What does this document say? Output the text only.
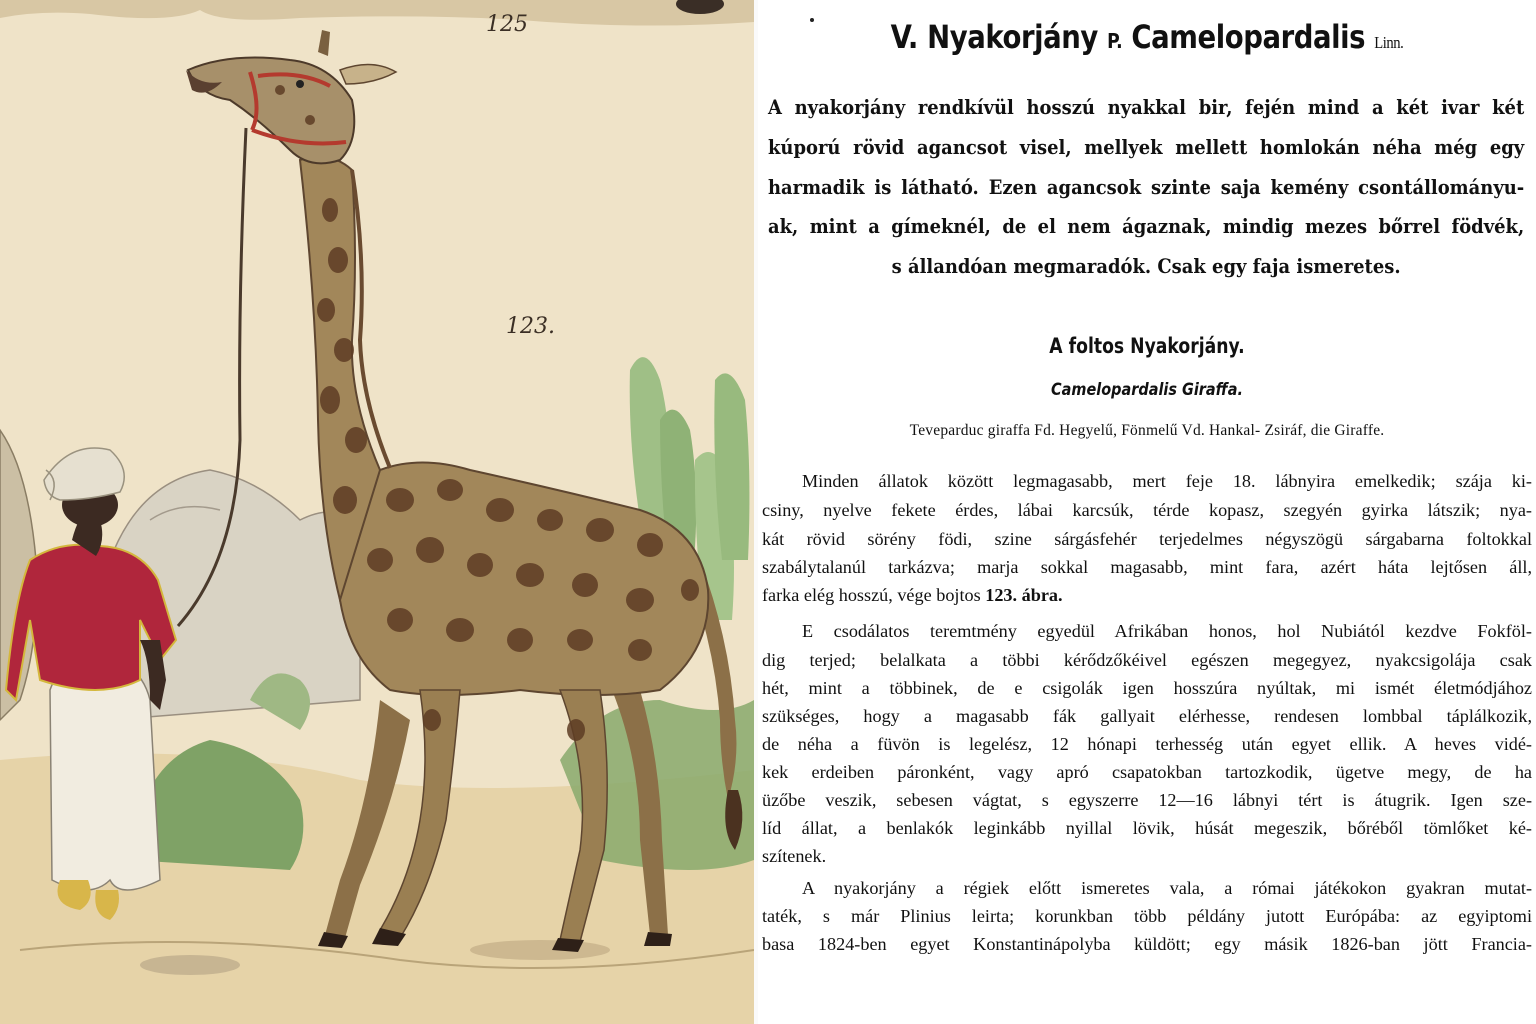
125
123.
V. Nyakorjány P. Camelopardalis Linn.
A nyakorjány rendkívül hosszú nyakkal bir, fején mind a két ivar két
kúporú rövid agancsot visel, mellyek mellett homlokán néha még egy
harmadik is látható. Ezen agancsok szinte saja kemény csontállományu-
ak, mint a gímeknél, de el nem ágaznak, mindig mezes bőrrel födvék,
s állandóan megmaradók. Csak egy faja ismeretes.
A foltos Nyakorjány.
Camelopardalis Giraffa.
Teveparduc giraffa Fd. Hegyelű, Fönmelű Vd. Hankal- Zsiráf, die Giraffe.
Minden állatok között legmagasabb, mert feje 18. lábnyira emelkedik; szája ki-
csiny, nyelve fekete érdes, lábai karcsúk, térde kopasz, szegyén gyirka látszik; nya-
kát rövid sörény födi, szine sárgásfehér terjedelmes négyszögü sárgabarna foltokkal
szabálytalanúl tarkázva; marja sokkal magasabb, mint fara, azért háta lejtősen áll,
farka elég hosszú, vége bojtos 123. ábra.
E csodálatos teremtmény egyedül Afrikában honos, hol Nubiától kezdve Fokföl-
dig terjed; belalkata a többi kérődzőkéivel egészen megegyez, nyakcsigolája csak
hét, mint a többinek, de e csigolák igen hosszúra nyúltak, mi ismét életmódjához
szükséges, hogy a magasabb fák gallyait elérhesse, rendesen lombbal táplálkozik,
de néha a füvön is legelész, 12 hónapi terhesség után egyet ellik. A heves vidé-
kek erdeiben páronként, vagy apró csapatokban tartozkodik, ügetve megy, de ha
üzőbe veszik, sebesen vágtat, s egyszerre 12—16 lábnyi tért is átugrik. Igen sze-
líd állat, a benlakók leginkább nyillal lövik, húsát megeszik, bőréből tömlőket ké-
szítenek.
A nyakorjány a régiek előtt ismeretes vala, a római játékokon gyakran mutat-
taték, s már Plinius leirta; korunkban több példány jutott Európába: az egyiptomi
basa 1824-ben egyet Konstantinápolyba küldött; egy másik 1826-ban jött Francia-
